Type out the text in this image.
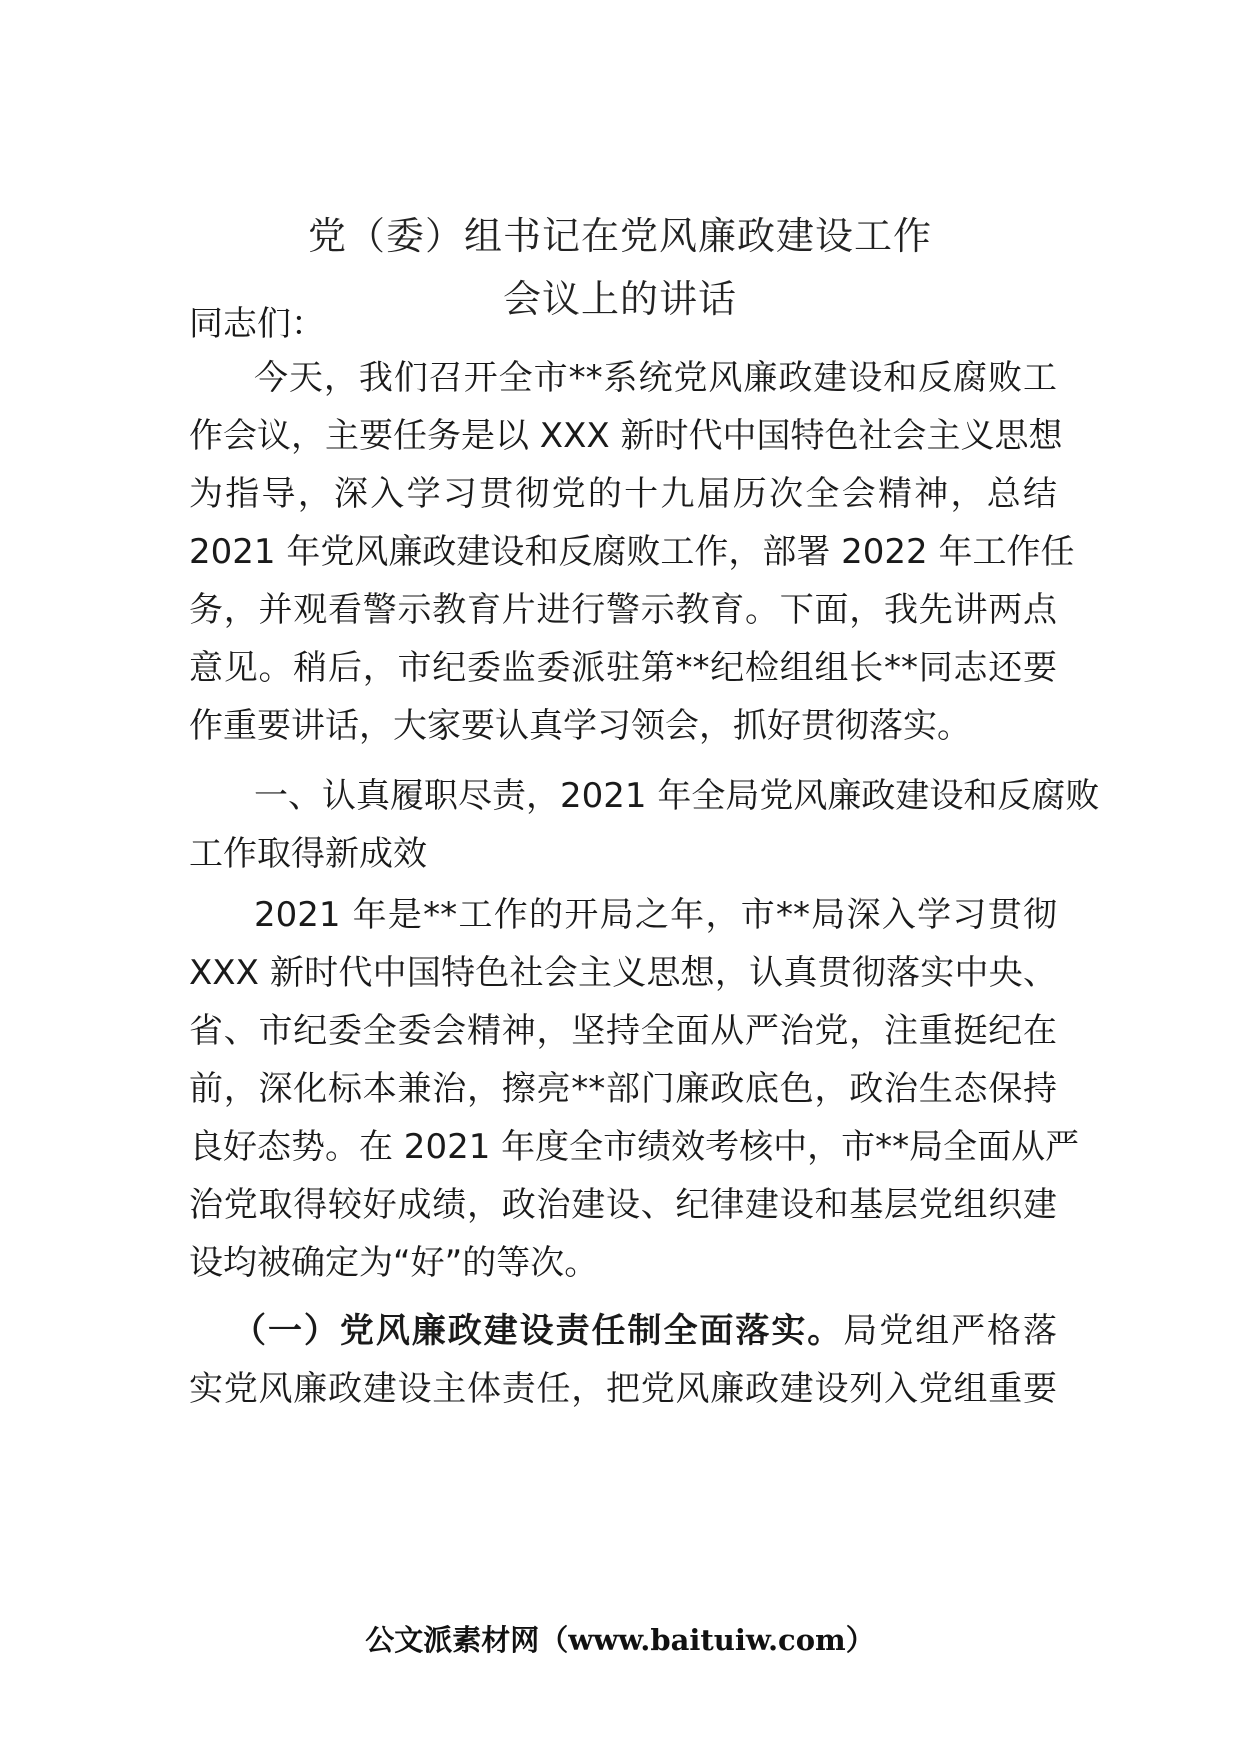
党（委）组书记在党风廉政建设工作
会议上的讲话
同志们：
今天，我们召开全市**系统党风廉政建设和反腐败工
作会议，主要任务是以 XXX 新时代中国特色社会主义思想
为指导，深入学习贯彻党的十九届历次全会精神，总结
2021 年党风廉政建设和反腐败工作，部署 2022 年工作任
务，并观看警示教育片进行警示教育。下面，我先讲两点
意见。稍后，市纪委监委派驻第**纪检组组长**同志还要
作重要讲话，大家要认真学习领会，抓好贯彻落实。
一、认真履职尽责，2021 年全局党风廉政建设和反腐败
工作取得新成效
2021 年是**工作的开局之年，市**局深入学习贯彻
XXX 新时代中国特色社会主义思想，认真贯彻落实中央、
省、市纪委全委会精神，坚持全面从严治党，注重挺纪在
前，深化标本兼治，擦亮**部门廉政底色，政治生态保持
良好态势。在 2021 年度全市绩效考核中，市**局全面从严
治党取得较好成绩，政治建设、纪律建设和基层党组织建
设均被确定为“好”的等次。
（一）党风廉政建设责任制全面落实。局党组严格落
实党风廉政建设主体责任，把党风廉政建设列入党组重要
公文派素材网（www.baituiw.com）
